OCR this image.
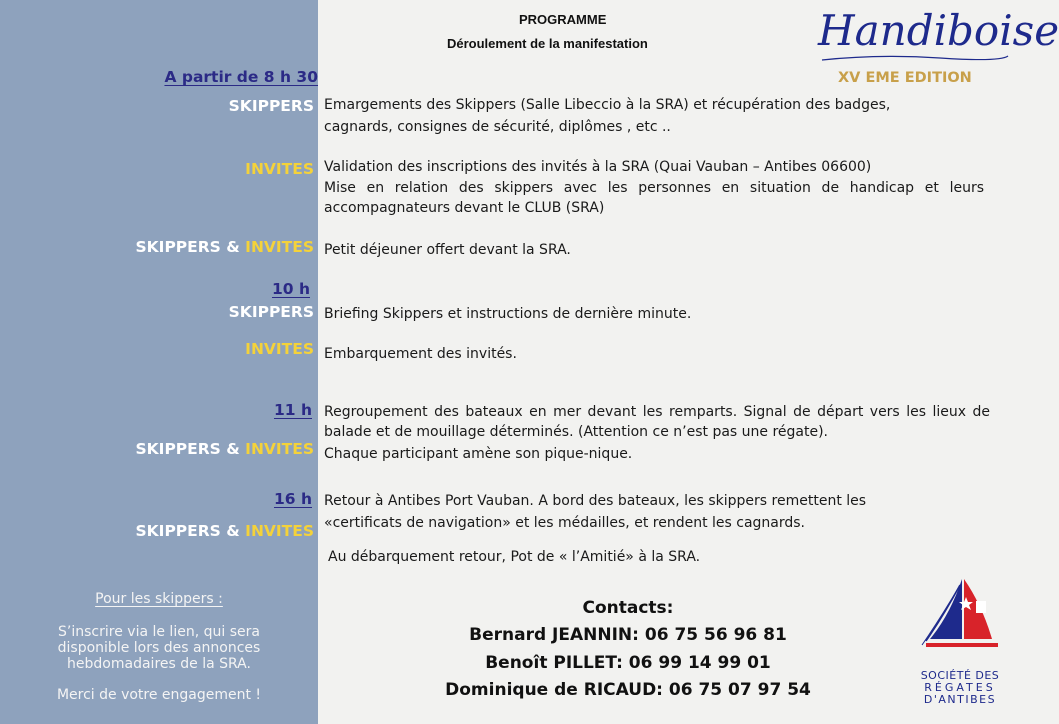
PROGRAMME
Déroulement de la manifestation	Handiboise
XV EME EDITION
A partir de 8 h 30
SKIPPERS Emargements des Skippers (Salle Libeccio à la SRA) et récupération des badges,
cagnards, consignes de sécurité, diplômes , etc ..
INVITES Validation des inscriptions des invités à la SRA (Quai Vauban – Antibes 06600)
Mise en relation des skippers avec les personnes en situation de handicap et leurs accompagnateurs devant le CLUB (SRA)
SKIPPERS & INVITES Petit déjeuner offert devant la SRA.
10 h
SKIPPERS Briefing Skippers et instructions de dernière minute.
INVITES Embarquement des invités.
11 h Regroupement des bateaux en mer devant les remparts. Signal de départ vers les lieux de balade et de mouillage déterminés. (Attention ce n’est pas une régate).
SKIPPERS & INVITES Chaque participant amène son pique-nique.
16 h Retour à Antibes Port Vauban. A bord des bateaux, les skippers remettent les
«certificats de navigation» et les médailles, et rendent les cagnards.
SKIPPERS & INVITES
Au débarquement retour, Pot de « l’Amitié» à la SRA.
Pour les skippers :
S’inscrire via le lien, qui sera
disponible lors des annonces
hebdomadaires de la SRA.
Merci de votre engagement !
Contacts:
Bernard JEANNIN: 06 75 56 96 81
Benoît PILLET: 06 99 14 99 01
Dominique de RICAUD: 06 75 07 97 54
SOCIÉTÉ DES
RÉGATES
D'ANTIBES
